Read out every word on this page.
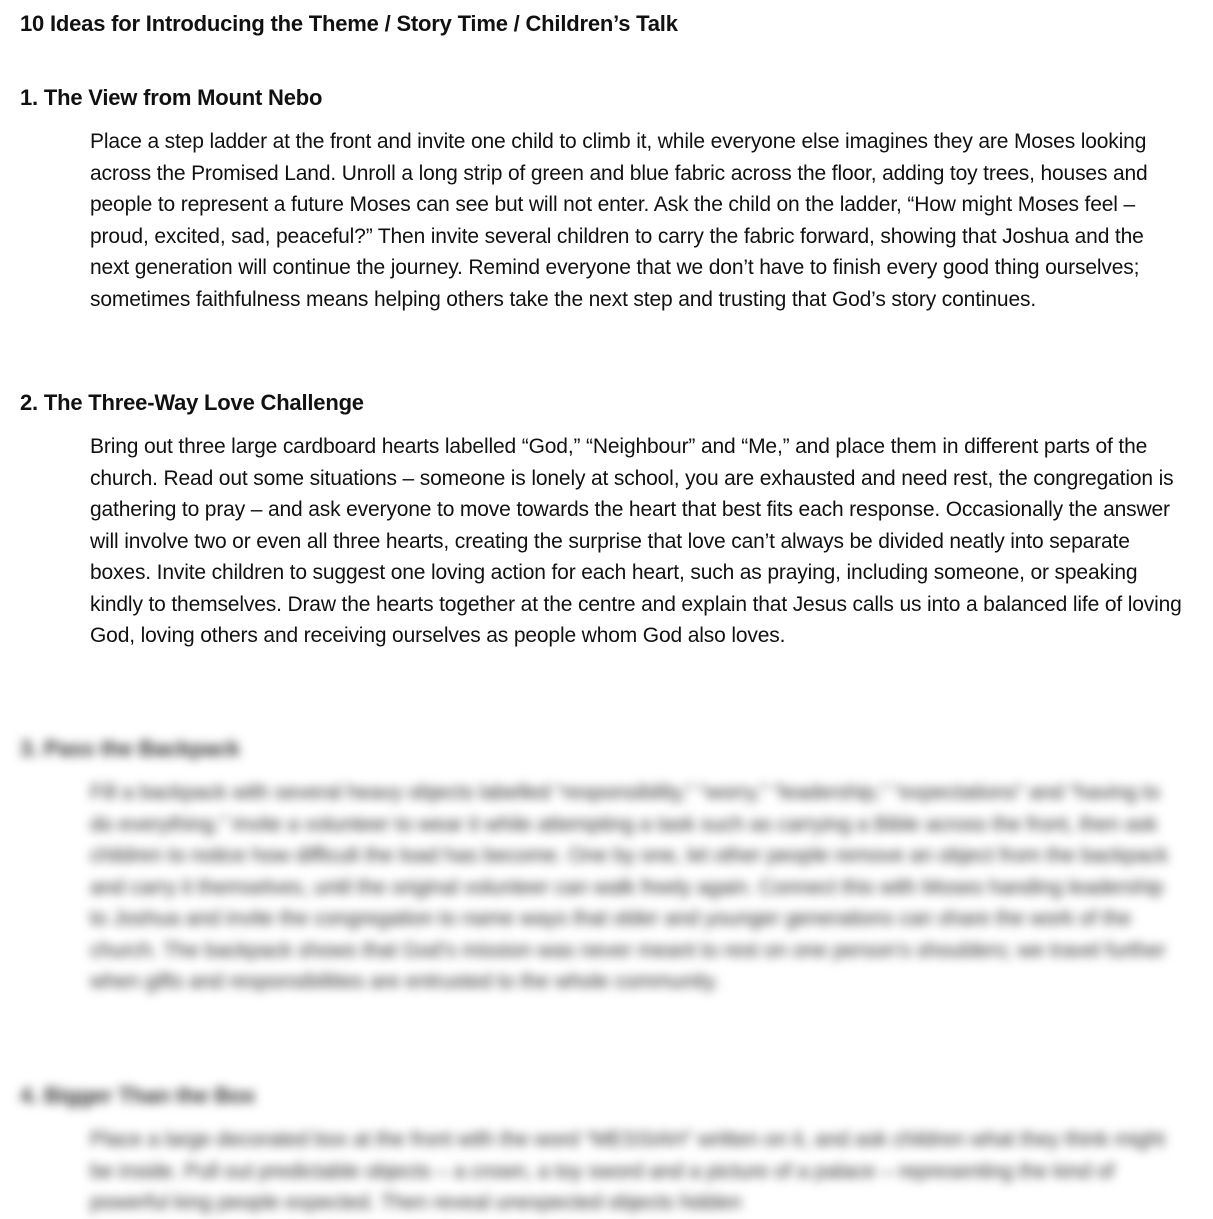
10 Ideas for Introducing the Theme / Story Time / Children’s Talk
1. The View from Mount Nebo

Place a step ladder at the front and invite one child to climb it, while everyone else imagines they are Moses looking across the Promised Land. Unroll a long strip of green and blue fabric across the floor, adding toy trees, houses and people to represent a future Moses can see but will not enter. Ask the child on the ladder, “How might Moses feel – proud, excited, sad, peaceful?” Then invite several children to carry the fabric forward, showing that Joshua and the next generation will continue the journey. Remind everyone that we don’t have to finish every good thing ourselves; sometimes faithfulness means helping others take the next step and trusting that God’s story continues.

2. The Three-Way Love Challenge

Bring out three large cardboard hearts labelled “God,” “Neighbour” and “Me,” and place them in different parts of the church. Read out some situations – someone is lonely at school, you are exhausted and need rest, the congregation is gathering to pray – and ask everyone to move towards the heart that best fits each response. Occasionally the answer will involve two or even all three hearts, creating the surprise that love can’t always be divided neatly into separate boxes. Invite children to suggest one loving action for each heart, such as praying, including someone, or speaking kindly to themselves. Draw the hearts together at the centre and explain that Jesus calls us into a balanced life of loving God, loving others and receiving ourselves as people whom God also loves.

3. Pass the Backpack

Fill a backpack with several heavy objects labelled “responsibility,” “worry,” “leadership,” “expectations” and “having to do everything.” Invite a volunteer to wear it while attempting a task such as carrying a Bible across the front, then ask children to notice how difficult the load has become. One by one, let other people remove an object from the backpack and carry it themselves, until the original volunteer can walk freely again. Connect this with Moses handing leadership to Joshua and invite the congregation to name ways that older and younger generations can share the work of the church. The backpack shows that God’s mission was never meant to rest on one person’s shoulders; we travel further when gifts and responsibilities are entrusted to the whole community.

4. Bigger Than the Box

Place a large decorated box at the front with the word “MESSIAH” written on it, and ask children what they think might be inside. Pull out predictable objects – a crown, a toy sword and a picture of a palace – representing the kind of powerful king people expected. Then reveal unexpected objects hidden
